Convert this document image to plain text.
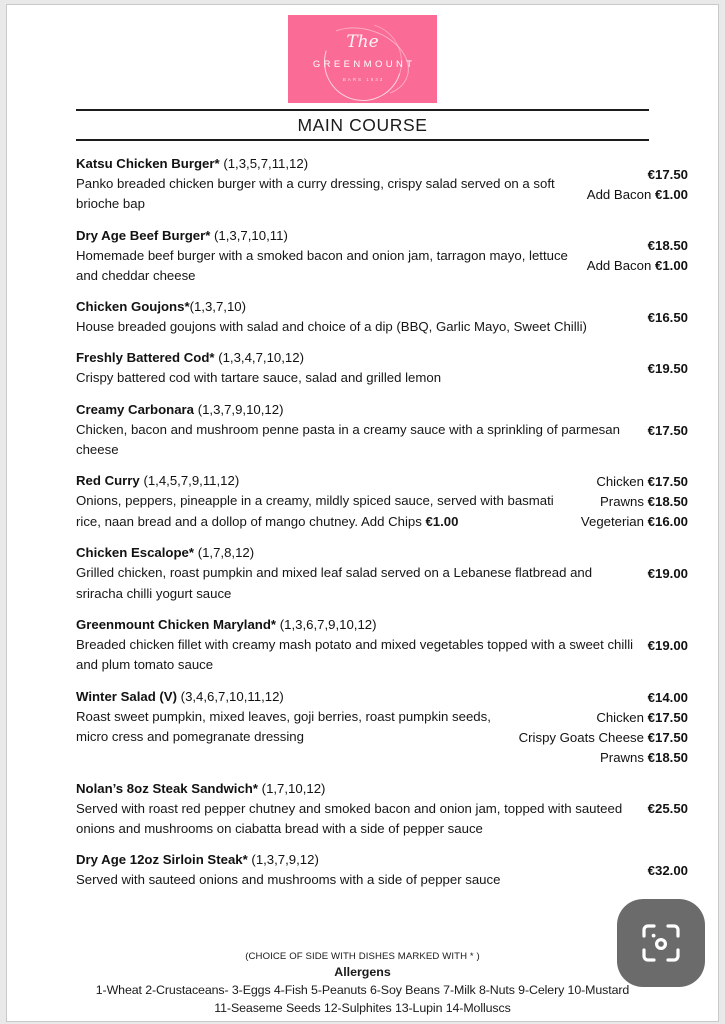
The
GREENMOUNT
BARS 1933
MAIN COURSE
Katsu Chicken Burger* (1,3,5,7,11,12)
Panko breaded chicken burger with a curry dressing, crispy salad served on a soft brioche bap
€17.50
Add Bacon €1.00
Dry Age Beef Burger* (1,3,7,10,11)
Homemade beef burger with a smoked bacon and onion jam, tarragon mayo, lettuce and cheddar cheese
€18.50
Add Bacon €1.00
Chicken Goujons*(1,3,7,10)
House breaded goujons with salad and choice of a dip (BBQ, Garlic Mayo, Sweet Chilli)
€16.50
Freshly Battered Cod* (1,3,4,7,10,12)
Crispy battered cod with tartare sauce, salad and grilled lemon
€19.50
Creamy Carbonara (1,3,7,9,10,12)
Chicken, bacon and mushroom penne pasta in a creamy sauce with a sprinkling of parmesan cheese
€17.50
Red Curry (1,4,5,7,9,11,12)
Onions, peppers, pineapple in a creamy, mildly spiced sauce, served with basmati rice, naan bread and a dollop of mango chutney. Add Chips €1.00
Chicken €17.50
Prawns €18.50
Vegeterian €16.00
Chicken Escalope* (1,7,8,12)
Grilled chicken, roast pumpkin and mixed leaf salad served on a Lebanese flatbread and sriracha chilli yogurt sauce
€19.00
Greenmount Chicken Maryland* (1,3,6,7,9,10,12)
Breaded chicken fillet with creamy mash potato and mixed vegetables topped with a sweet chilli and plum tomato sauce
€19.00
Winter Salad (V) (3,4,6,7,10,11,12)
Roast sweet pumpkin, mixed leaves, goji berries, roast pumpkin seeds, micro cress and pomegranate dressing
€14.00
Chicken €17.50
Crispy Goats Cheese €17.50
Prawns €18.50
Nolan’s 8oz Steak Sandwich* (1,7,10,12)
Served with roast red pepper chutney and smoked bacon and onion jam, topped with sauteed onions and mushrooms on ciabatta bread with a side of pepper sauce
€25.50
Dry Age 12oz Sirloin Steak* (1,3,7,9,12)
Served with sauteed onions and mushrooms with a side of pepper sauce
€32.00
(CHOICE OF SIDE WITH DISHES MARKED WITH * )
Allergens
1-Wheat 2-Crustaceans- 3-Eggs 4-Fish 5-Peanuts 6-Soy Beans 7-Milk 8-Nuts 9-Celery 10-Mustard
11-Seaseme Seeds 12-Sulphites 13-Lupin 14-Molluscs
